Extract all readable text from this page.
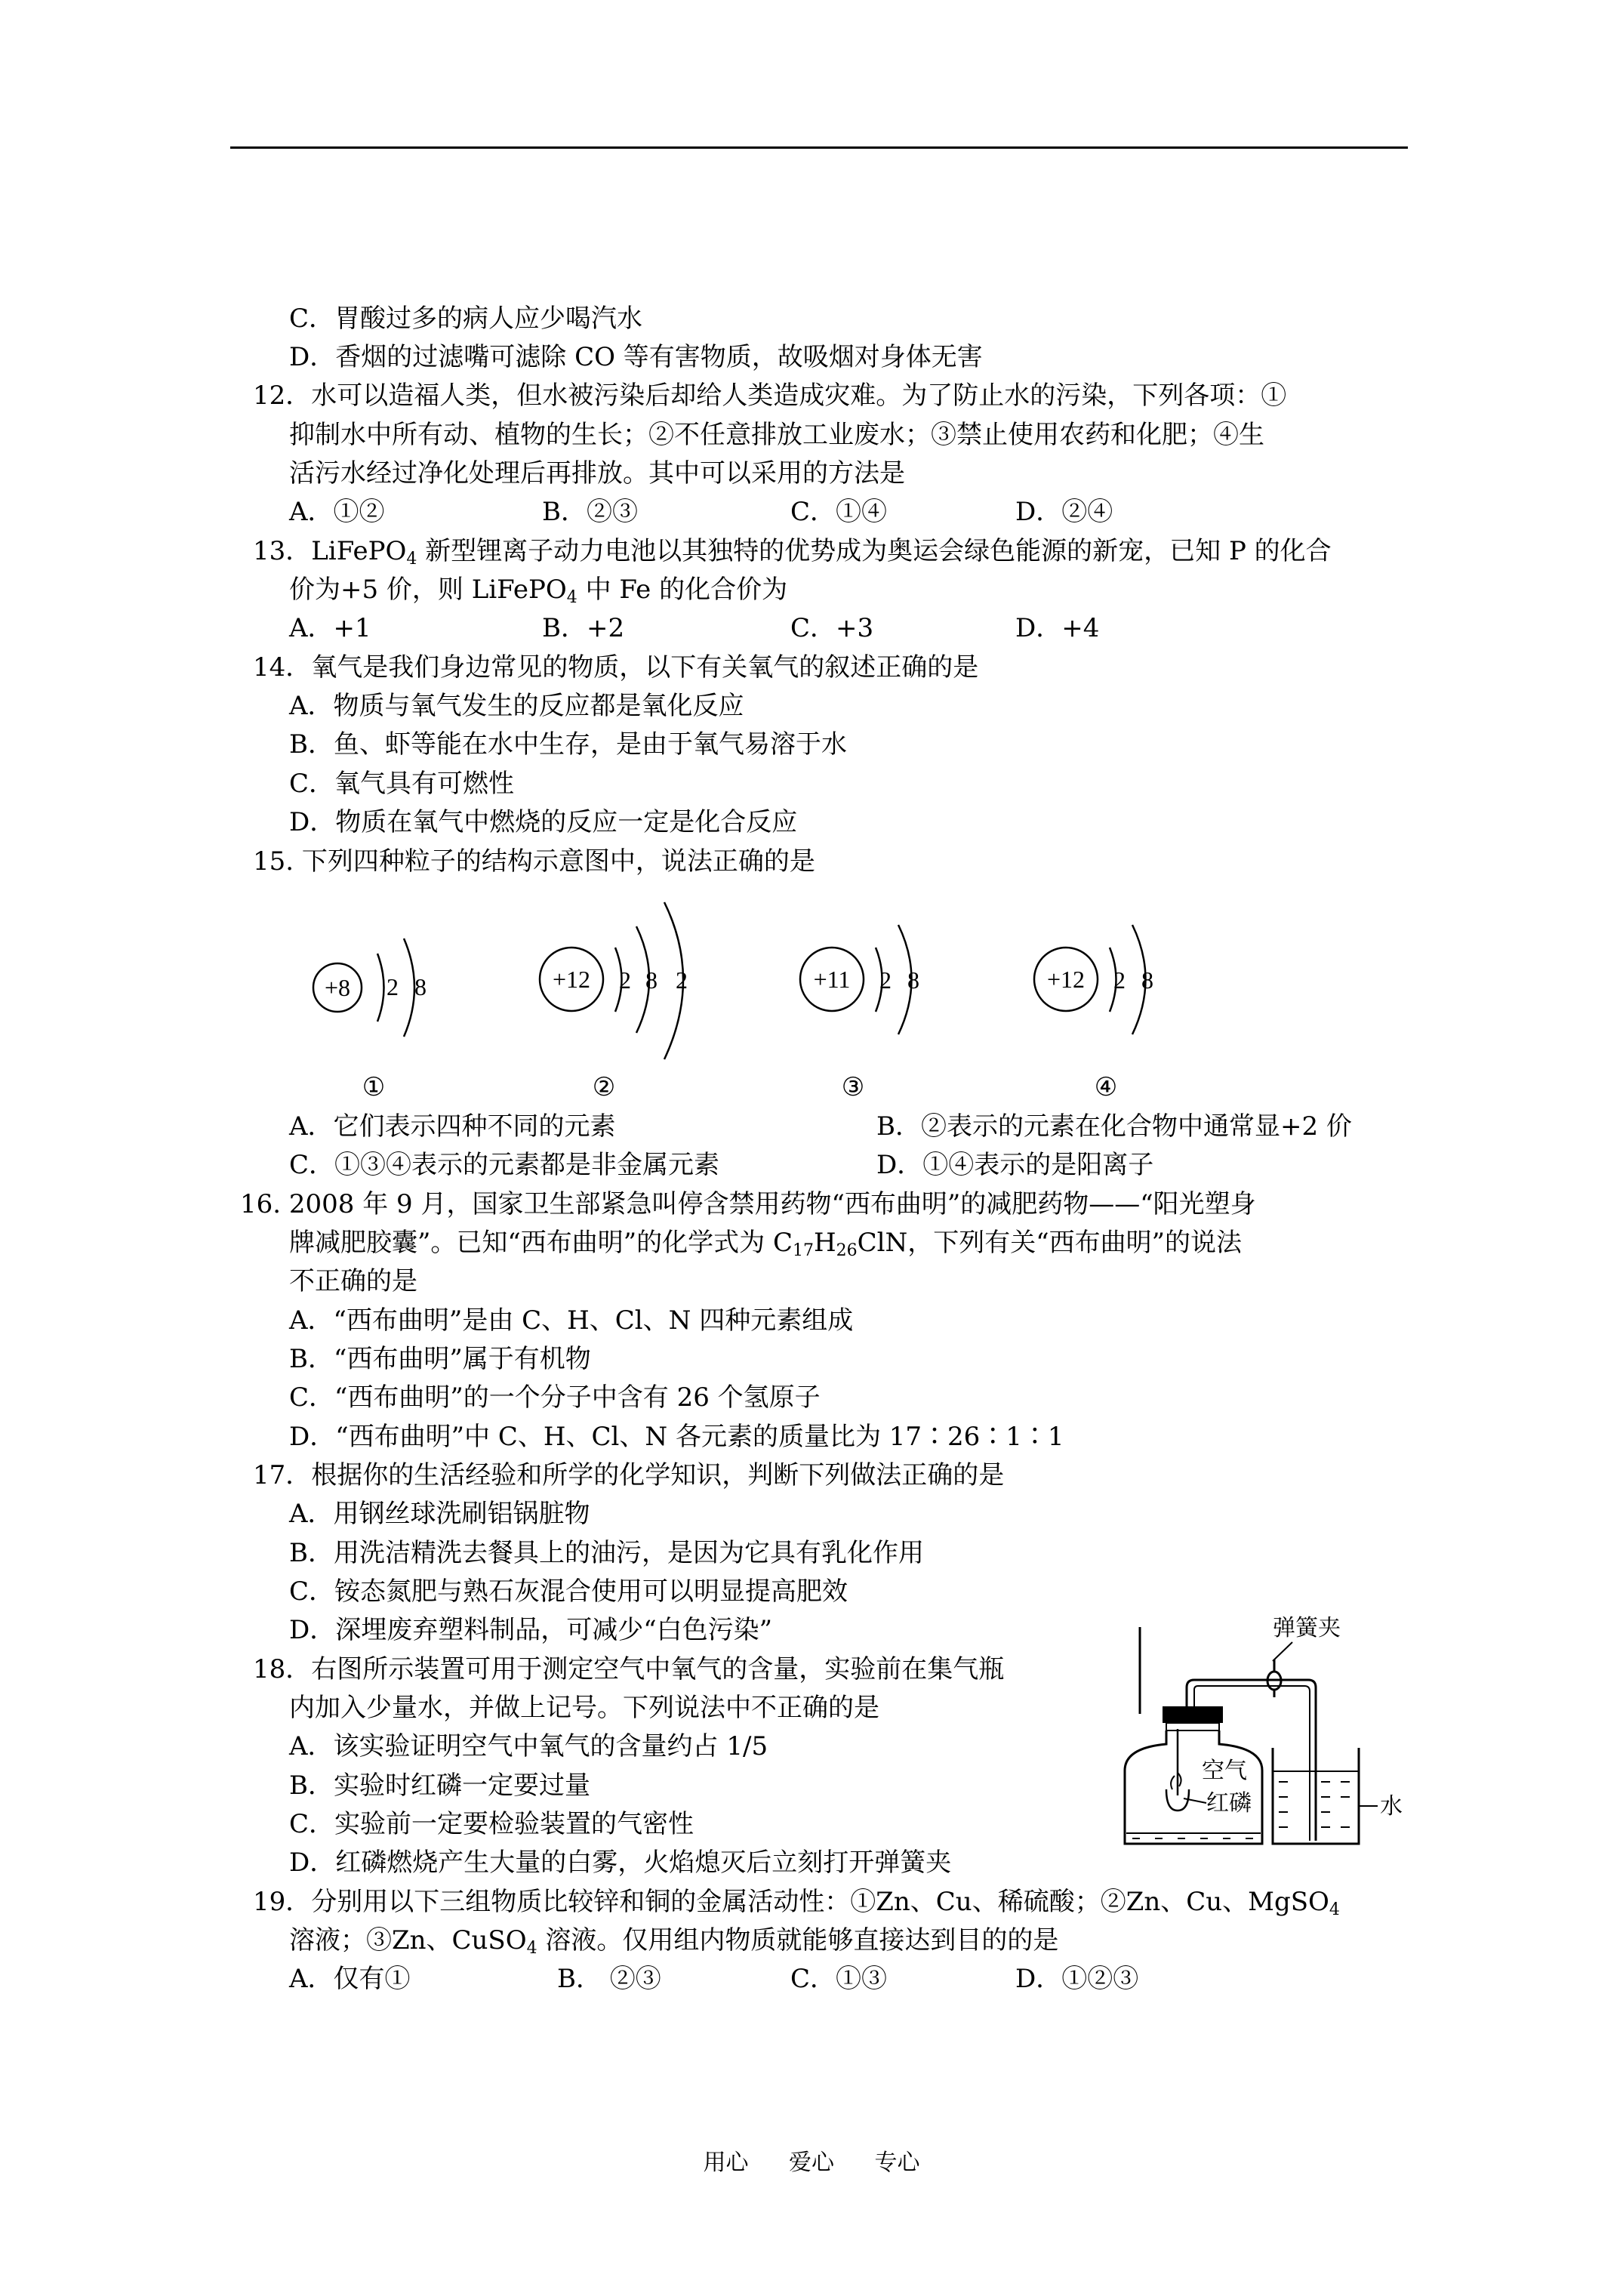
C．胃酸过多的病人应少喝汽水
D．香烟的过滤嘴可滤除 CO 等有害物质，故吸烟对身体无害
12．水可以造福人类，但水被污染后却给人类造成灾难。为了防止水的污染，下列各项：①
抑制水中所有动、植物的生长；②不任意排放工业废水；③禁止使用农药和化肥；④生
活污水经过净化处理后再排放。其中可以采用的方法是
A．①②	B．②③	C．①④	D．②④
13．LiFePO$_4$ 新型锂离子动力电池以其独特的优势成为奥运会绿色能源的新宠，已知 P 的化合
价为+5 价，则 LiFePO$_4$ 中 Fe 的化合价为
A．+1	B．+2	C．+3	D．+4
14．氧气是我们身边常见的物质，以下有关氧气的叙述正确的是
A．物质与氧气发生的反应都是氧化反应
B．鱼、虾等能在水中生存，是由于氧气易溶于水
C．氧气具有可燃性
D．物质在氧气中燃烧的反应一定是化合反应
15. 下列四种粒子的结构示意图中，说法正确的是
+8 2 8
①
+12 2 8 2
②
+11 2 8
③
+12 2 8
④
A．它们表示四种不同的元素	B．②表示的元素在化合物中通常显+2 价
C．①③④表示的元素都是非金属元素	D．①④表示的是阳离子
16. 2008 年 9 月，国家卫生部紧急叫停含禁用药物“西布曲明”的减肥药物——“阳光塑身
牌减肥胶囊”。已知“西布曲明”的化学式为 $C_{17}H_{26}ClN$，下列有关“西布曲明”的说法
不正确的是
A．“西布曲明”是由 C、H、Cl、N 四种元素组成
B．“西布曲明”属于有机物
C．“西布曲明”的一个分子中含有 26 个氢原子
D．“西布曲明”中 C、H、Cl、N 各元素的质量比为 17∶26∶1∶1
17．根据你的生活经验和所学的化学知识，判断下列做法正确的是
A．用钢丝球洗刷铝锅脏物
B．用洗洁精洗去餐具上的油污，是因为它具有乳化作用
C．铵态氮肥与熟石灰混合使用可以明显提高肥效
D．深埋废弃塑料制品，可减少“白色污染”
18．右图所示装置可用于测定空气中氧气的含量，实验前在集气瓶
内加入少量水，并做上记号。下列说法中不正确的是
A．该实验证明空气中氧气的含量约占 1/5
B．实验时红磷一定要过量
C．实验前一定要检验装置的气密性
D．红磷燃烧产生大量的白雾，火焰熄灭后立刻打开弹簧夹
弹簧夹
空气
红磷	水
19．分别用以下三组物质比较锌和铜的金属活动性：①Zn、Cu、稀硫酸；②Zn、Cu、MgSO$_4$
溶液；③Zn、CuSO$_4$ 溶液。仅用组内物质就能够直接达到目的的是
A．仅有①	B． ②③	C．①③	D．①②③
用心 爱心 专心
